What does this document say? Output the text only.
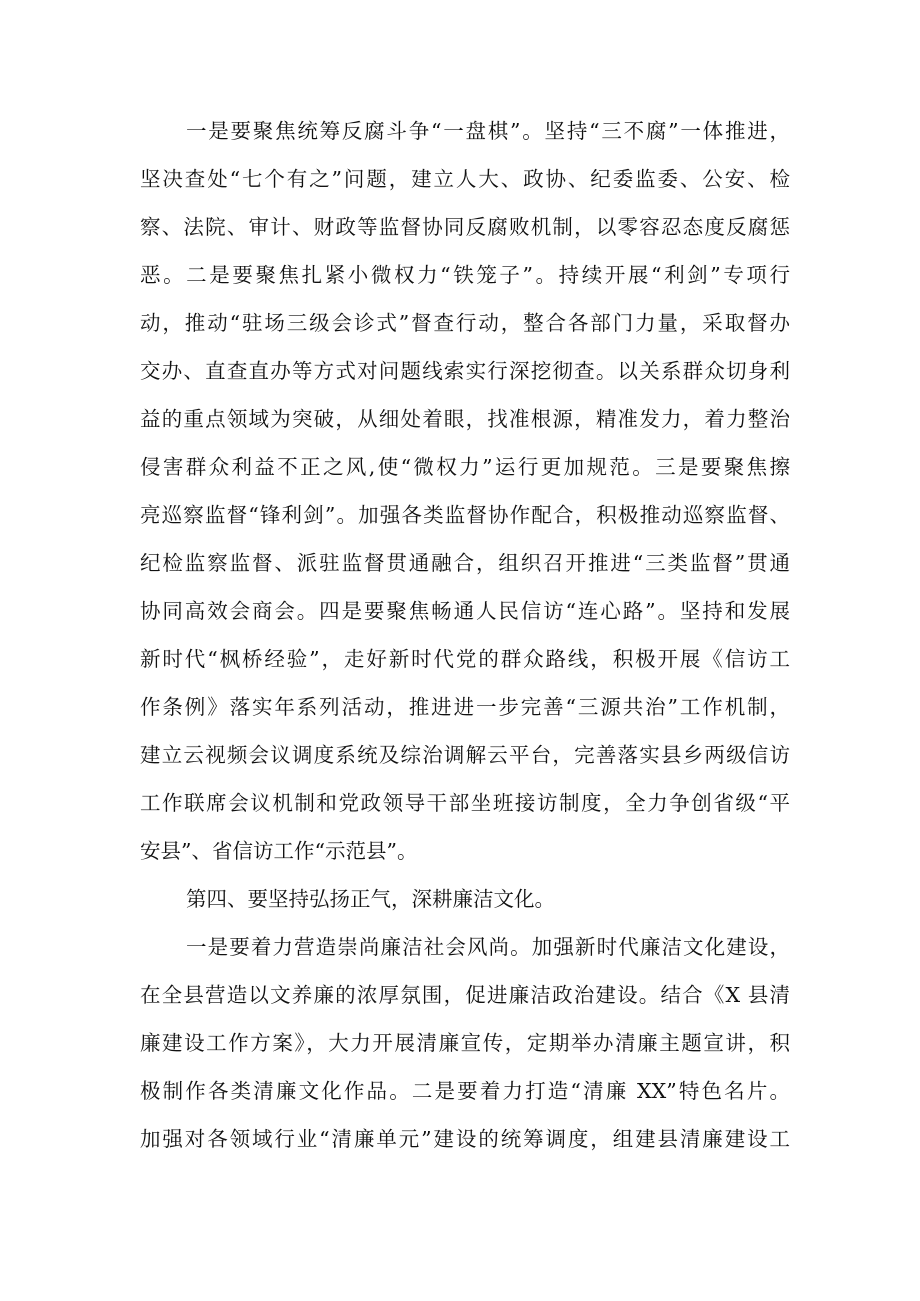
一是要聚焦统筹反腐斗争“一盘棋”。坚持“三不腐”一体推进，
坚决查处“七个有之”问题，建立人大、政协、纪委监委、公安、检
察、法院、审计、财政等监督协同反腐败机制，以零容忍态度反腐惩
恶。二是要聚焦扎紧小微权力“铁笼子”。持续开展“利剑”专项行
动，推动“驻场三级会诊式”督查行动，整合各部门力量，采取督办
交办、直查直办等方式对问题线索实行深挖彻查。以关系群众切身利
益的重点领域为突破，从细处着眼，找准根源，精准发力，着力整治
侵害群众利益不正之风,使“微权力”运行更加规范。三是要聚焦擦
亮巡察监督“锋利剑”。加强各类监督协作配合，积极推动巡察监督、
纪检监察监督、派驻监督贯通融合，组织召开推进“三类监督”贯通
协同高效会商会。四是要聚焦畅通人民信访“连心路”。坚持和发展
新时代“枫桥经验”，走好新时代党的群众路线，积极开展《信访工
作条例》落实年系列活动，推进进一步完善“三源共治”工作机制，
建立云视频会议调度系统及综治调解云平台，完善落实县乡两级信访
工作联席会议机制和党政领导干部坐班接访制度，全力争创省级“平
安县”、省信访工作“示范县”。
第四、要坚持弘扬正气，深耕廉洁文化。
一是要着力营造崇尚廉洁社会风尚。加强新时代廉洁文化建设，
在全县营造以文养廉的浓厚氛围，促进廉洁政治建设。结合《X 县清
廉建设工作方案》，大力开展清廉宣传，定期举办清廉主题宣讲，积
极制作各类清廉文化作品。二是要着力打造“清廉 XX”特色名片。
加强对各领域行业“清廉单元”建设的统筹调度，组建县清廉建设工
